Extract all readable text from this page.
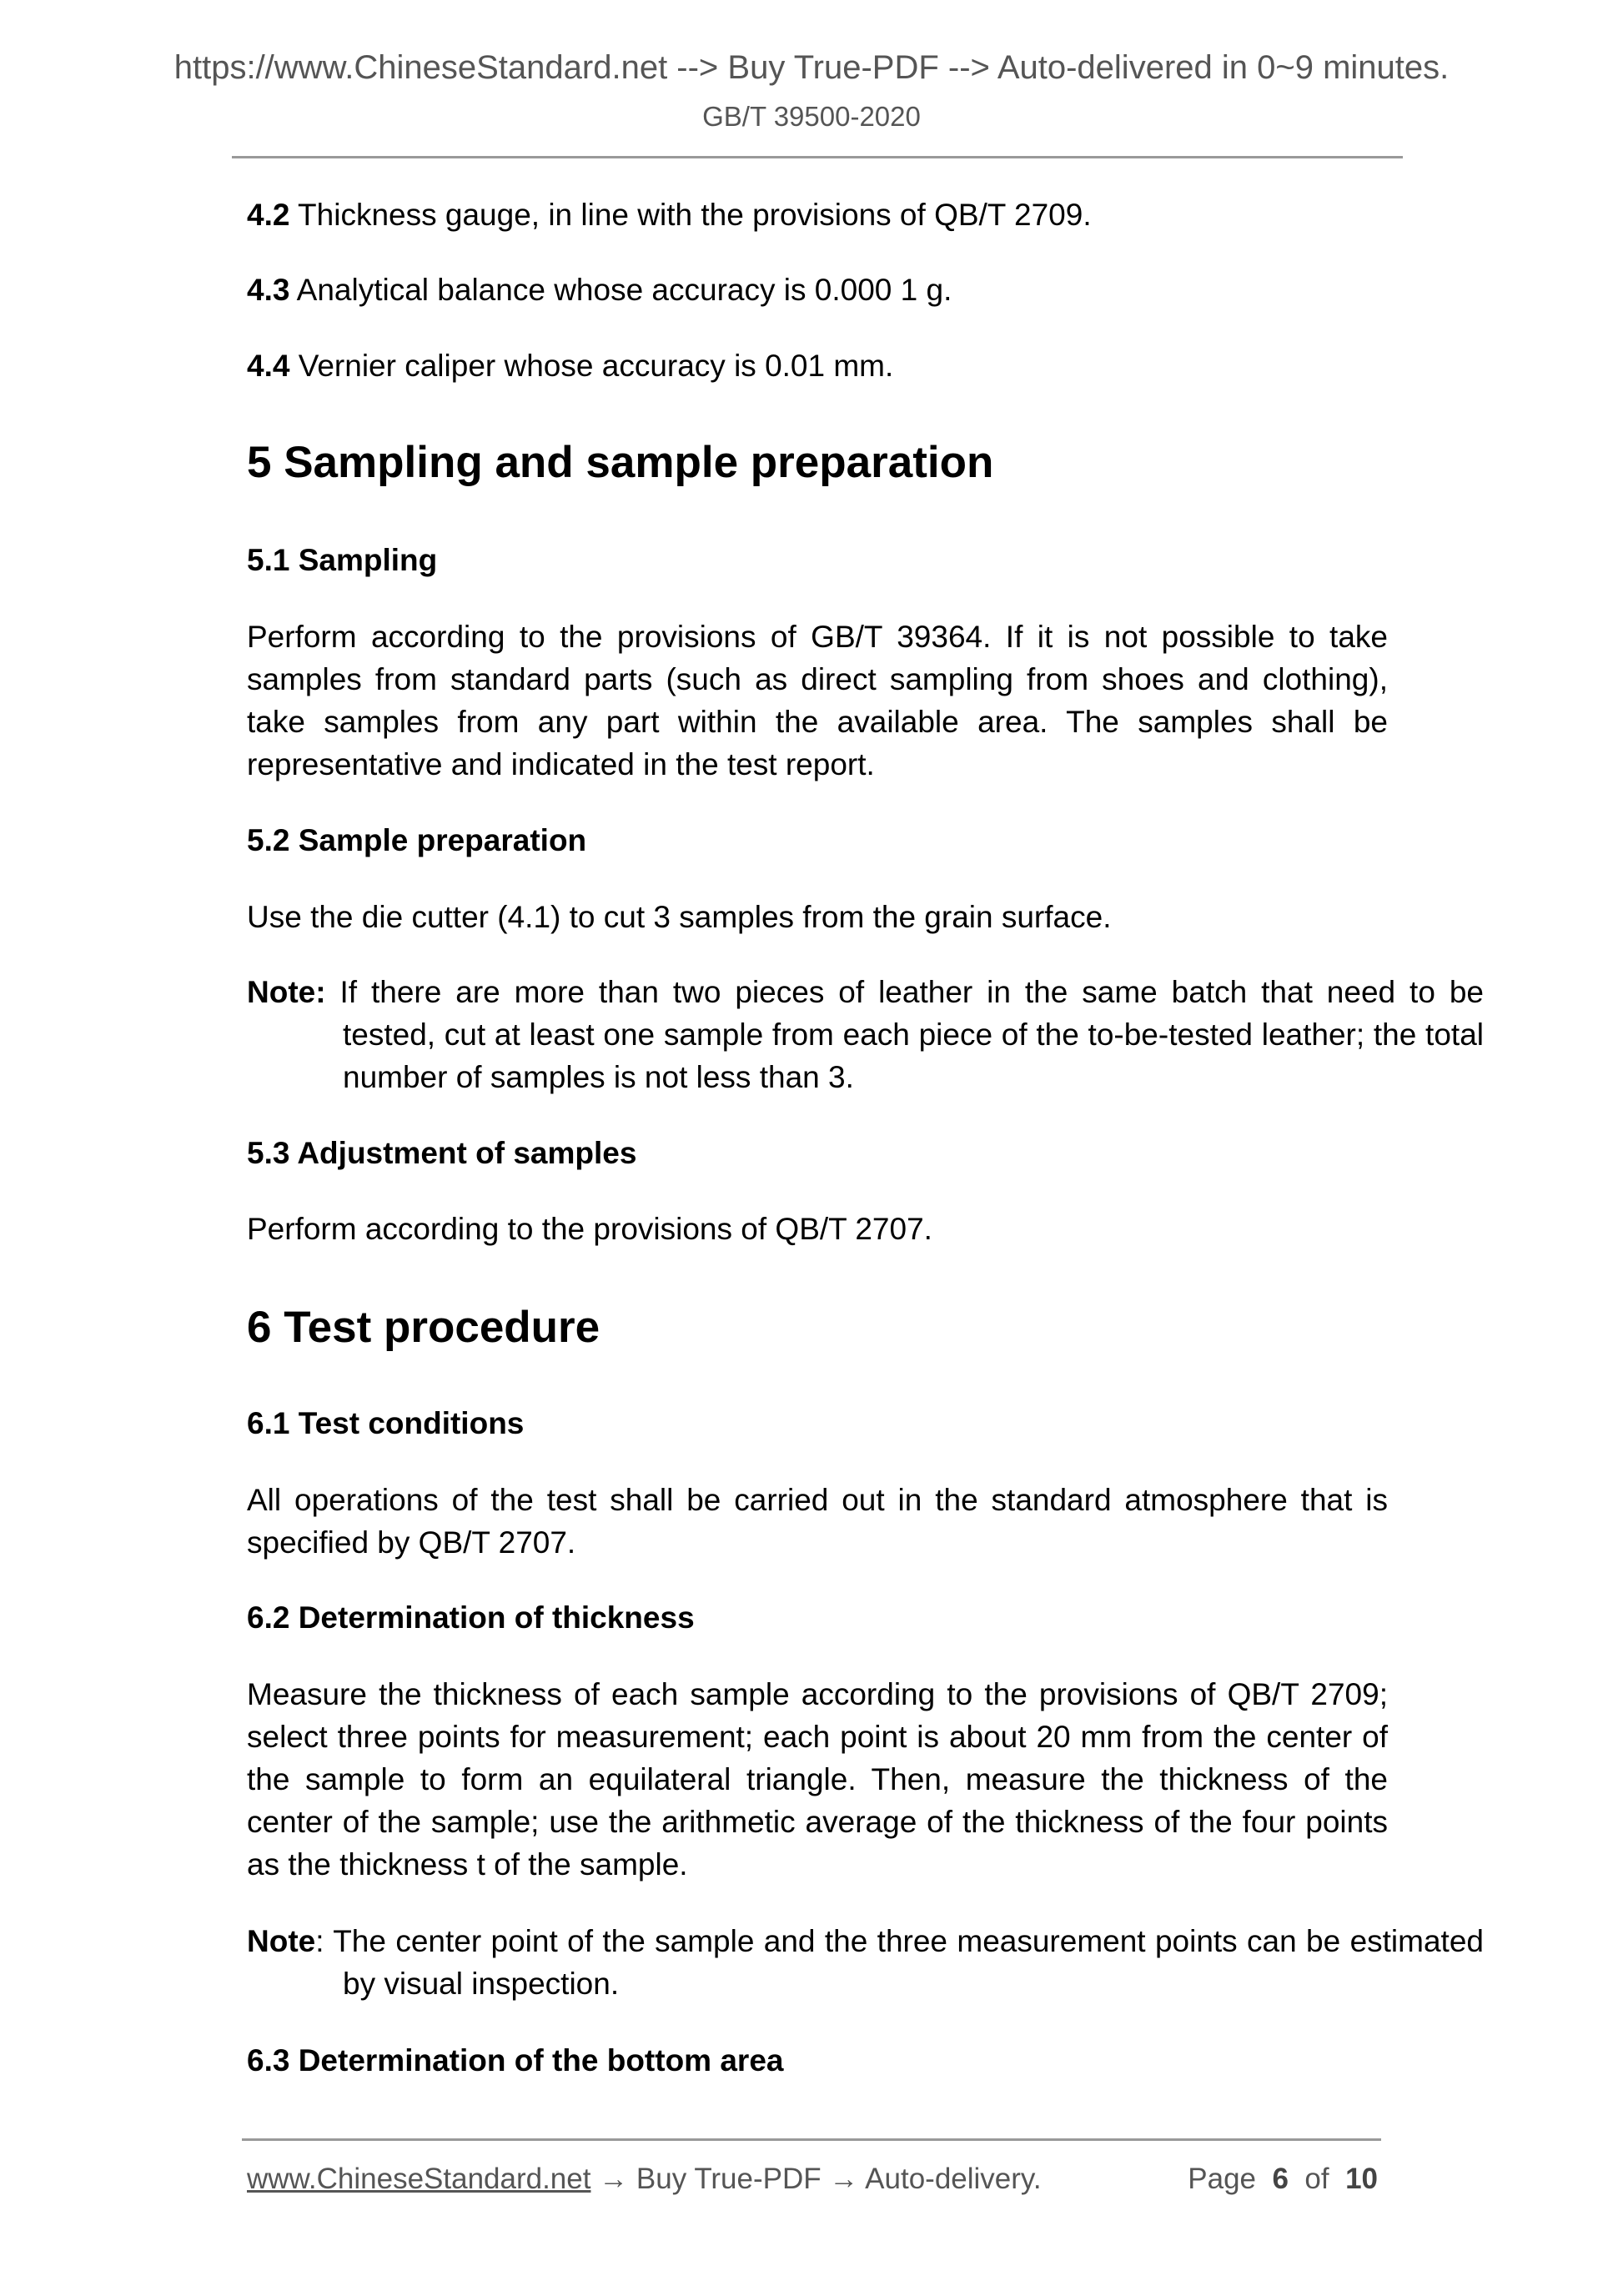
https://www.ChineseStandard.net --> Buy True-PDF --> Auto-delivered in 0~9 minutes.
GB/T 39500-2020
4.2 Thickness gauge, in line with the provisions of QB/T 2709.
4.3 Analytical balance whose accuracy is 0.000 1 g.
4.4 Vernier caliper whose accuracy is 0.01 mm.
5 Sampling and sample preparation
5.1 Sampling
Perform according to the provisions of GB/T 39364. If it is not possible to take samples from standard parts (such as direct sampling from shoes and clothing), take samples from any part within the available area. The samples shall be representative and indicated in the test report.
5.2 Sample preparation
Use the die cutter (4.1) to cut 3 samples from the grain surface.
Note: If there are more than two pieces of leather in the same batch that need to be tested, cut at least one sample from each piece of the to-be-tested leather; the total number of samples is not less than 3.
5.3 Adjustment of samples
Perform according to the provisions of QB/T 2707.
6 Test procedure
6.1 Test conditions
All operations of the test shall be carried out in the standard atmosphere that is specified by QB/T 2707.
6.2 Determination of thickness
Measure the thickness of each sample according to the provisions of QB/T 2709; select three points for measurement; each point is about 20 mm from the center of the sample to form an equilateral triangle. Then, measure the thickness of the center of the sample; use the arithmetic average of the thickness of the four points as the thickness t of the sample.
Note: The center point of the sample and the three measurement points can be estimated by visual inspection.
6.3 Determination of the bottom area
www.ChineseStandard.net → Buy True-PDF → Auto-delivery.	Page 6 of 10
